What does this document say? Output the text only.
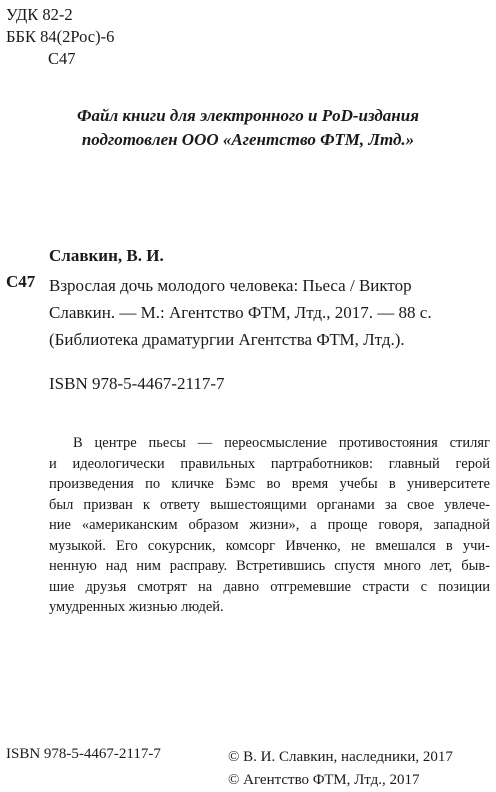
УДК 82-2
ББК 84(2Рос)-6
С47
Файл книги для электронного и PoD-издания
подготовлен ООО «Агентство ФТМ, Лтд.»
Славкин, В. И.
С47 Взрослая дочь молодого человека: Пьеса / Виктор
Славкин. — М.: Агентство ФТМ, Лтд., 2017. — 88 с.
(Библиотека драматургии Агентства ФТМ, Лтд.).
ISBN 978-5-4467-2117-7
В центре пьесы — переосмысление противостояния стиляг
и идеологически правильных партработников: главный герой
произведения по кличке Бэмс во время учебы в университете
был призван к ответу вышестоящими органами за свое увлече-
ние «американским образом жизни», а проще говоря, западной
музыкой. Его сокурсник, комсорг Ивченко, не вмешался в учи-
ненную над ним расправу. Встретившись спустя много лет, быв-
шие друзья смотрят на давно отгремевшие страсти с позиции
умудренных жизнью людей.
ISBN 978-5-4467-2117-7	© В. И. Славкин, наследники, 2017
© Агентство ФТМ, Лтд., 2017
